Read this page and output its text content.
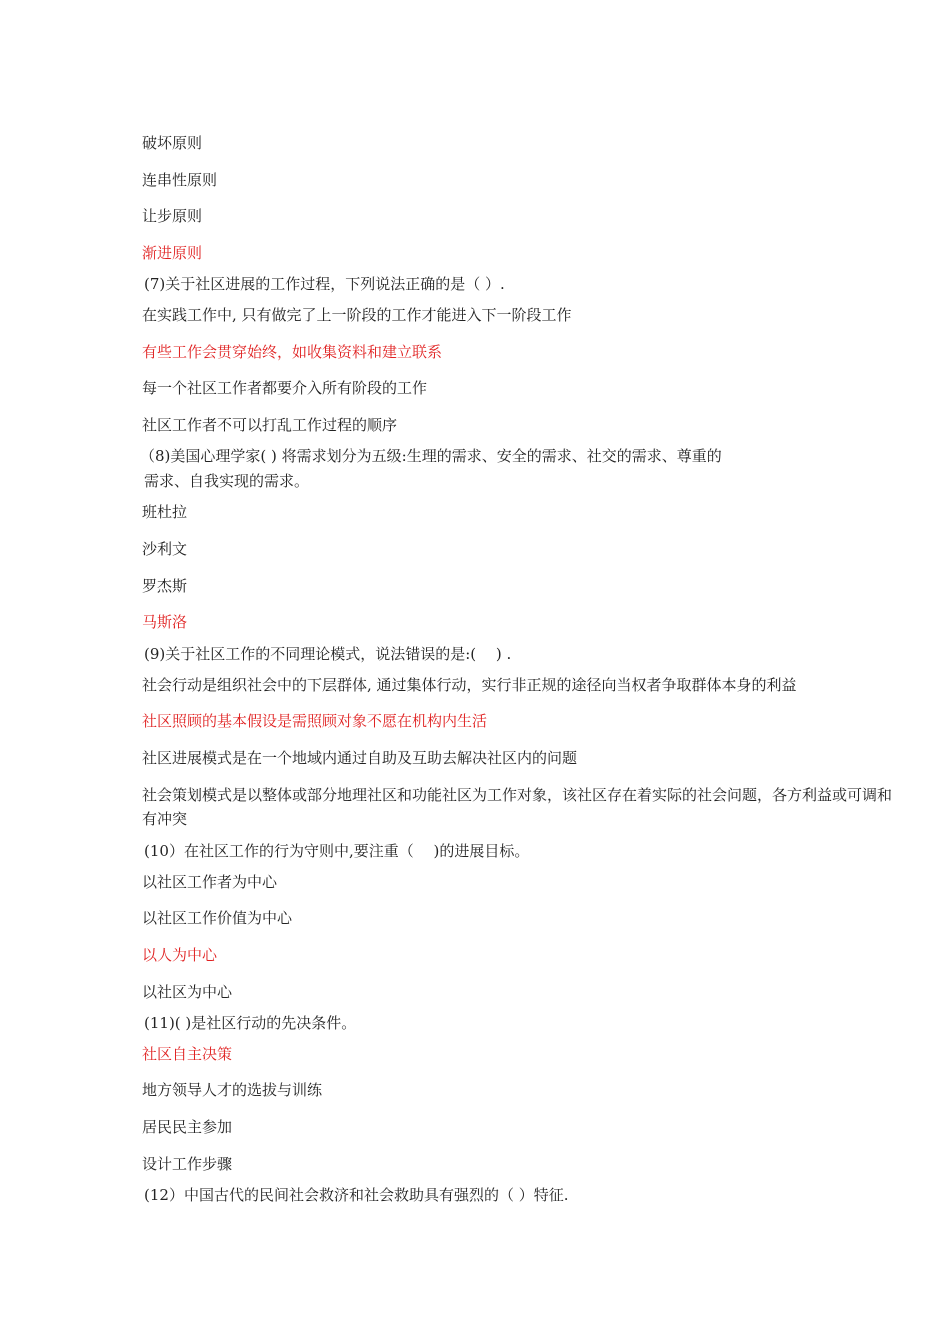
破坏原则
连串性原则
让步原则
渐进原则
(7)关于社区进展的工作过程，下列说法正确的是（ ）.
在实践工作中, 只有做完了上一阶段的工作才能进入下一阶段工作
有些工作会贯穿始终，如收集资料和建立联系
每一个社区工作者都要介入所有阶段的工作
社区工作者不可以打乱工作过程的顺序
（8)美国心理学家( ) 将需求划分为五级:生理的需求、安全的需求、社交的需求、尊重的
需求、自我实现的需求。
班杜拉
沙利文
罗杰斯
马斯洛
(9)关于社区工作的不同理论模式，说法错误的是:(　 ) .
社会行动是组织社会中的下层群体, 通过集体行动，实行非正规的途径向当权者争取群体本身的利益
社区照顾的基本假设是需照顾对象不愿在机构内生活
社区进展模式是在一个地域内通过自助及互助去解决社区内的问题
社会策划模式是以整体或部分地理社区和功能社区为工作对象，该社区存在着实际的社会问题，各方利益或可调和
有冲突
(10）在社区工作的行为守则中,要注重（　 )的进展目标。
以社区工作者为中心
以社区工作价值为中心
以人为中心
以社区为中心
(11)( )是社区行动的先决条件。
社区自主决策
地方领导人才的选拔与训练
居民民主参加
设计工作步骤
(12）中国古代的民间社会救济和社会救助具有强烈的（ ）特征.
